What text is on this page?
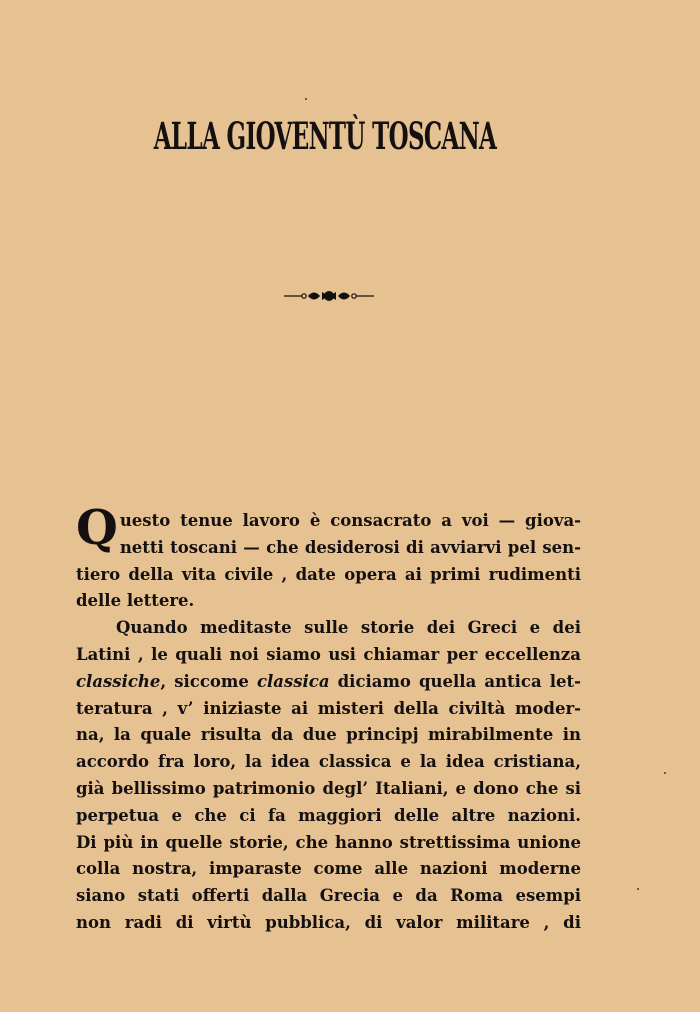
ALLA GIOVENTÙ TOSCANA

Q uesto tenue lavoro è consacrato a voi — giova-
netti toscani — che desiderosi di avviarvi pel sen-
tiero della vita civile , date opera ai primi rudimenti
delle lettere.

Quando meditaste sulle storie dei Greci e dei
Latini , le quali noi siamo usi chiamar per eccellenza
classiche, siccome classica diciamo quella antica let-
teratura , v’ iniziaste ai misteri della civiltà moder-
na, la quale risulta da due principj mirabilmente in
accordo fra loro, la idea classica e la idea cristiana,
già bellissimo patrimonio degl’ Italiani, e dono che si
perpetua e che ci fa maggiori delle altre nazioni.
Di più in quelle storie, che hanno strettissima unione
colla nostra, imparaste come alle nazioni moderne
siano stati offerti dalla Grecia e da Roma esempi
non radi di virtù pubblica, di valor militare , di
